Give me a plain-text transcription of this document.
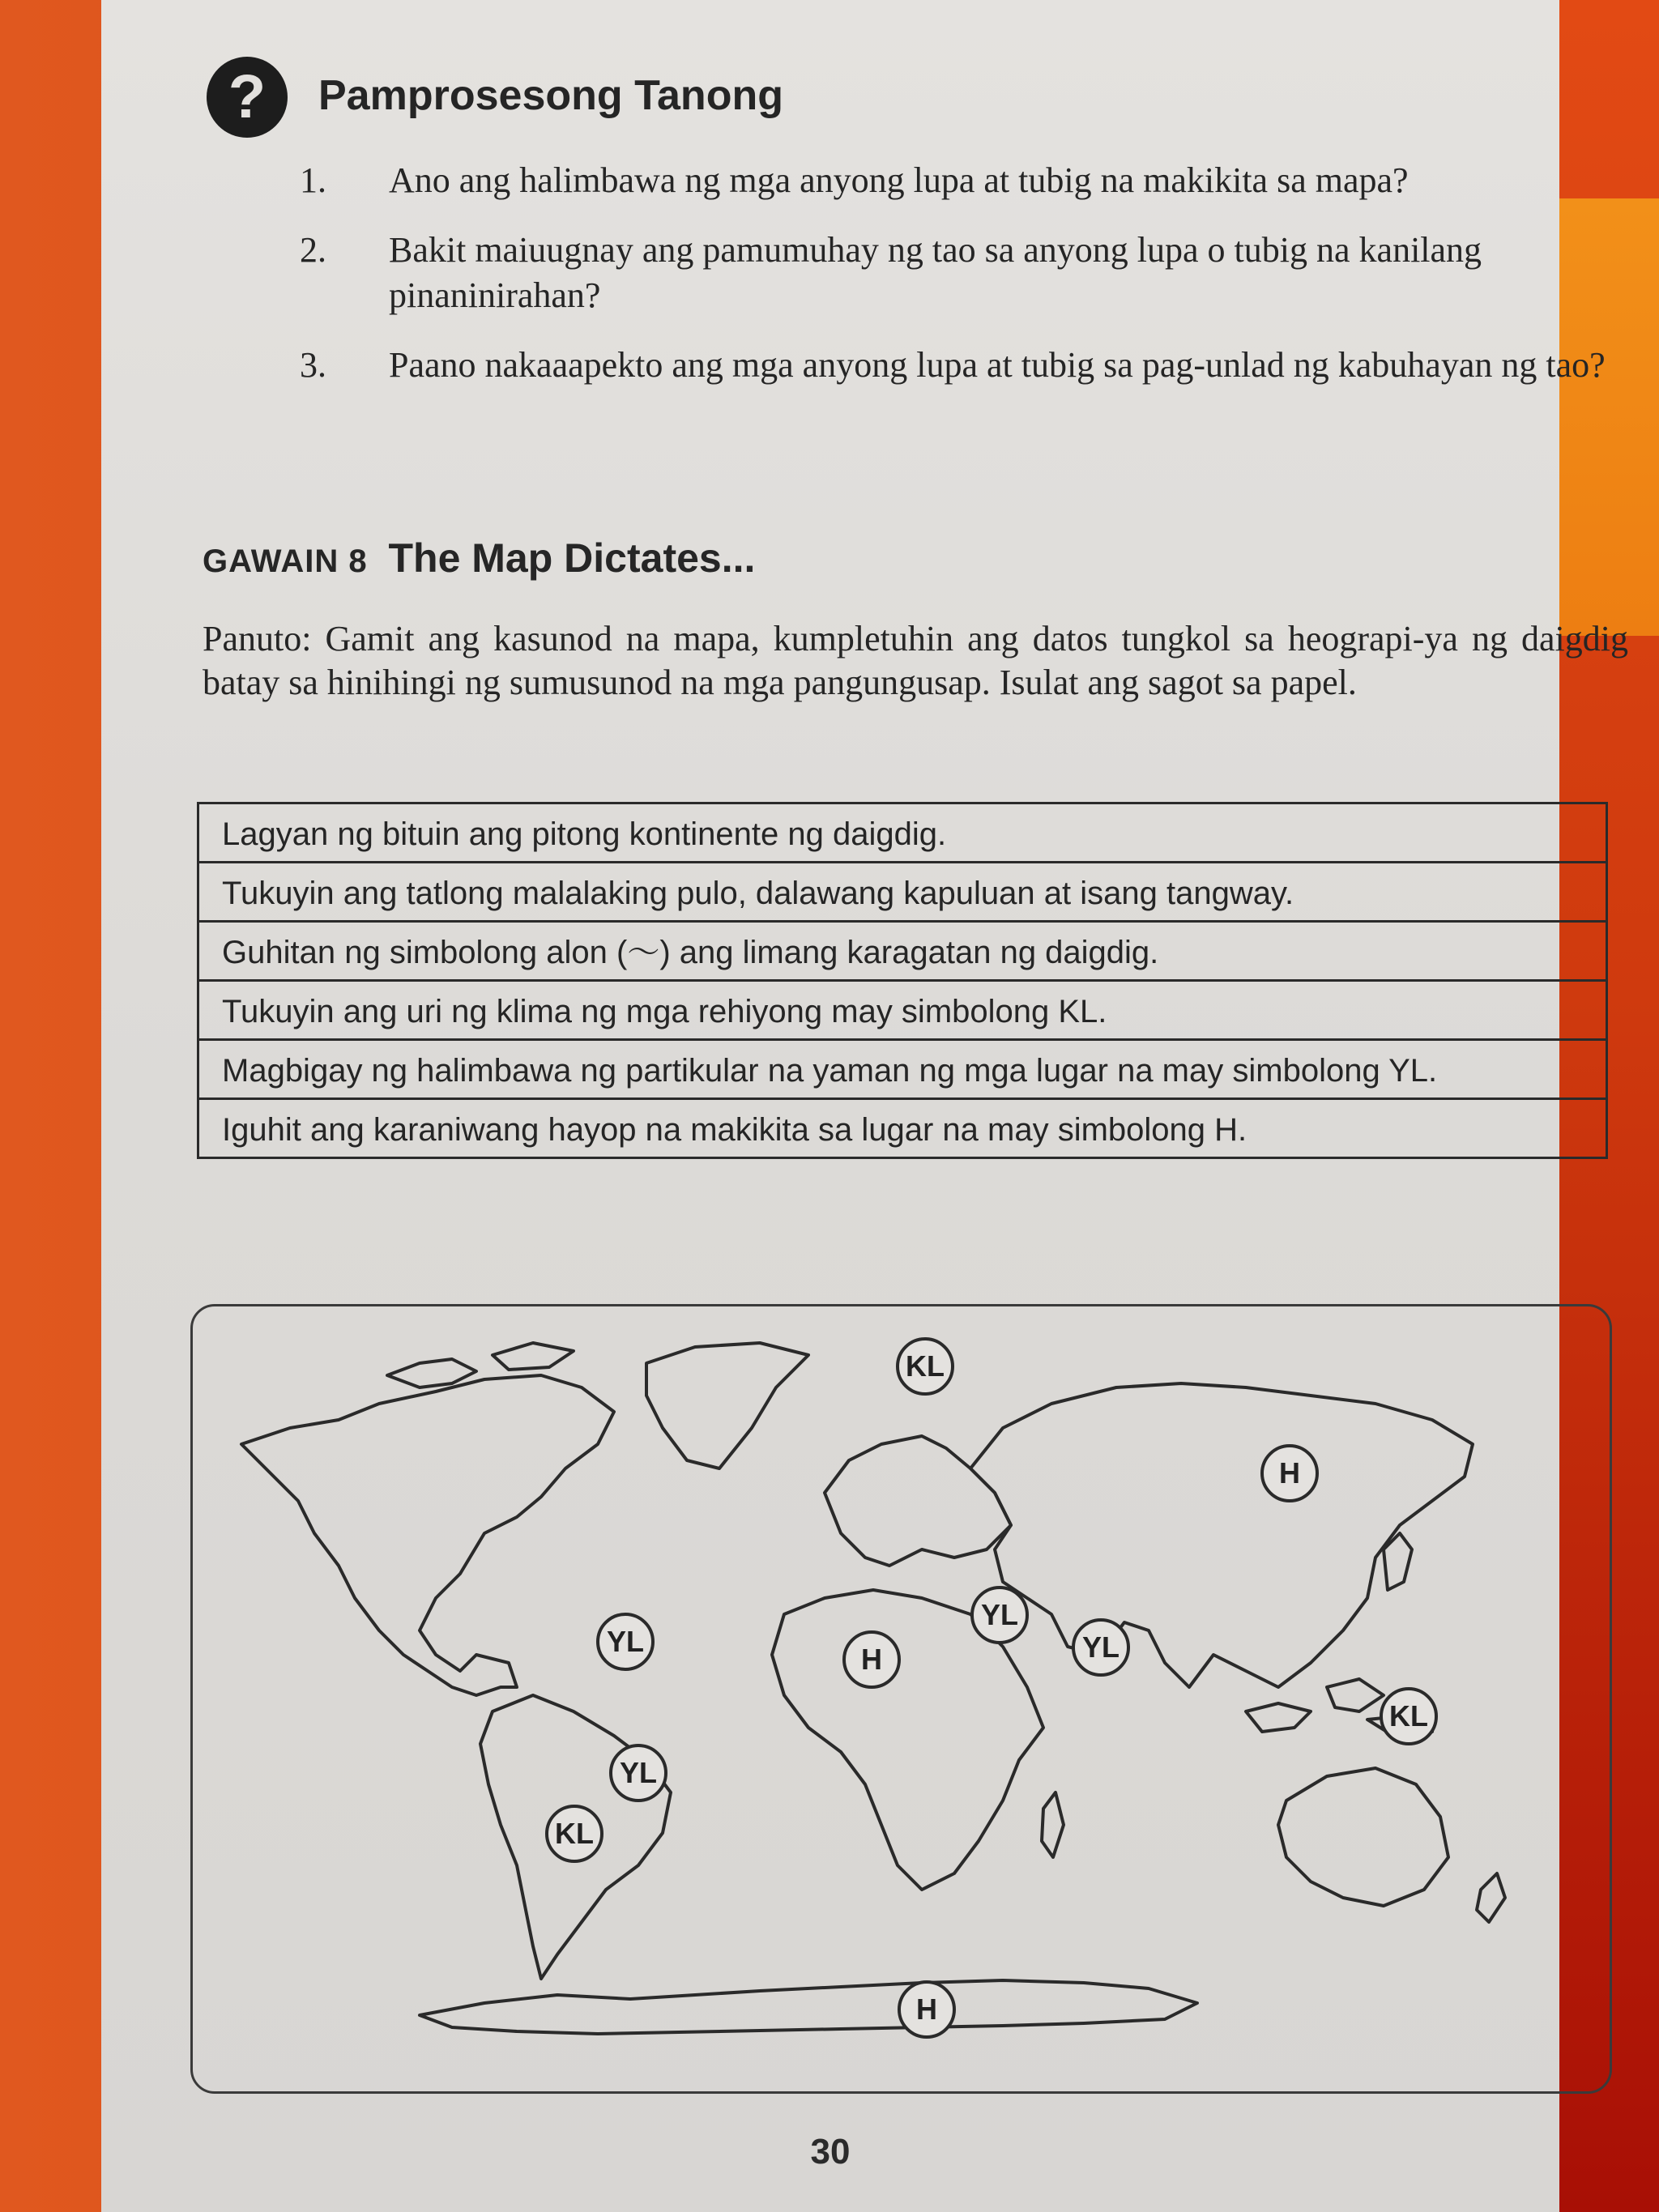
?	Pamprosesong Tanong
1.	Ano ang halimbawa ng mga anyong lupa at tubig na makikita sa mapa?
2.	Bakit maiuugnay ang pamumuhay ng tao sa anyong lupa o tubig na kanilang pinaninirahan?
3.	Paano nakaaapekto ang mga anyong lupa at tubig sa pag-unlad ng kabuhayan ng tao?
GAWAIN 8 The Map Dictates...
Panuto: Gamit ang kasunod na mapa, kumpletuhin ang datos tungkol sa heograpi-ya ng daigdig batay sa hinihingi ng sumusunod na mga pangungusap. Isulat ang sagot sa papel.
Lagyan ng bituin ang pitong kontinente ng daigdig.
Tukuyin ang tatlong malalaking pulo, dalawang kapuluan at isang tangway.
Guhitan ng simbolong alon (〜) ang limang karagatan ng daigdig.
Tukuyin ang uri ng klima ng mga rehiyong may simbolong KL.
Magbigay ng halimbawa ng partikular na yaman ng mga lugar na may simbolong YL.
Iguhit ang karaniwang hayop na makikita sa lugar na may simbolong H.
KL
H
YL
YL
H	YL
KL
YL
KL
H
30
